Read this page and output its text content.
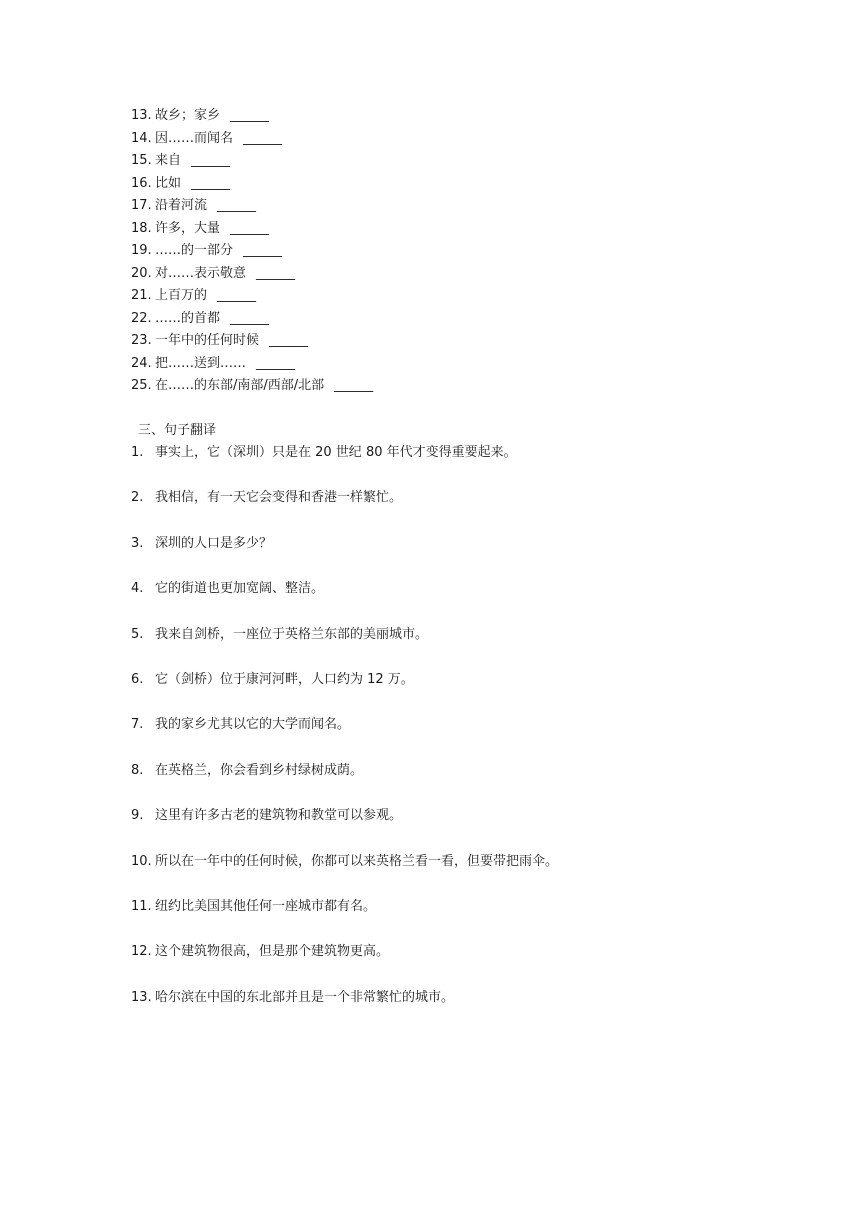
13. 故乡；家乡 ______
14. 因……而闻名 ______
15. 来自 ______
16. 比如 ______
17. 沿着河流 ______
18. 许多，大量 ______
19. ……的一部分 ______
20. 对……表示敬意 ______
21. 上百万的 ______
22. ……的首都 ______
23. 一年中的任何时候 ______
24. 把……送到…… ______
25. 在……的东部/南部/西部/北部 ______
三、句子翻译
1. 事实上，它（深圳）只是在 20 世纪 80 年代才变得重要起来。
2. 我相信，有一天它会变得和香港一样繁忙。
3. 深圳的人口是多少？
4. 它的街道也更加宽阔、整洁。
5. 我来自剑桥，一座位于英格兰东部的美丽城市。
6. 它（剑桥）位于康河河畔，人口约为 12 万。
7. 我的家乡尤其以它的大学而闻名。
8. 在英格兰，你会看到乡村绿树成荫。
9. 这里有许多古老的建筑物和教堂可以参观。
10. 所以在一年中的任何时候，你都可以来英格兰看一看，但要带把雨伞。
11. 纽约比美国其他任何一座城市都有名。
12. 这个建筑物很高，但是那个建筑物更高。
13. 哈尔滨在中国的东北部并且是一个非常繁忙的城市。
